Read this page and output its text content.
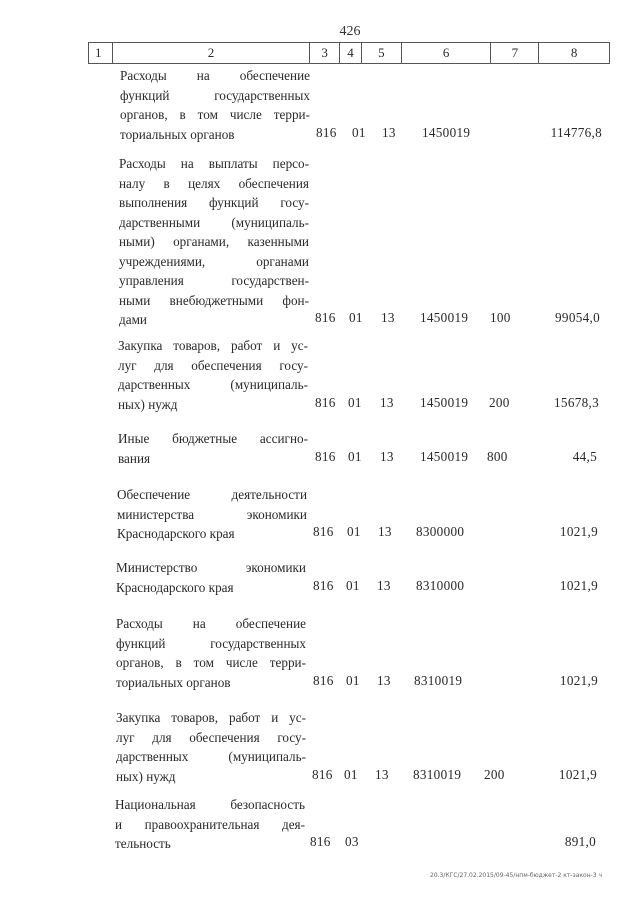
426
1	2	3	4	5	6	7	8
Расходы на обеспечение
функций государственных
органов, в том числе терри-
ториальных органов	816 01 13 1450019	114776,8
Расходы на выплаты персо-
налу в целях обеспечения
выполнения функций госу-
дарственными (муниципаль-
ными) органами, казенными
учреждениями, органами
управления государствен-
ными внебюджетными фон-
дами	816 01 13 1450019 100	99054,0
Закупка товаров, работ и ус-
луг для обеспечения госу-
дарственных (муниципаль-
ных) нужд	816 01 13 1450019 200	15678,3
Иные бюджетные ассигно-
вания	816 01 13 1450019 800	44,5
Обеспечение деятельности
министерства экономики
Краснодарского края	816 01 13 8300000	1021,9
Министерство экономики
Краснодарского края	816 01 13 8310000	1021,9
Расходы на обеспечение
функций государственных
органов, в том числе терри-
ториальных органов	816 01 13 8310019	1021,9
Закупка товаров, работ и ус-
луг для обеспечения госу-
дарственных (муниципаль-
ных) нужд	816 01 13 8310019 200	1021,9
Национальная безопасность
и правоохранительная дея-
тельность	816 03	891,0
20.3/КГС/27.02.2015/09-45/нпм-бюджет-2 кт-закон-3 ч
